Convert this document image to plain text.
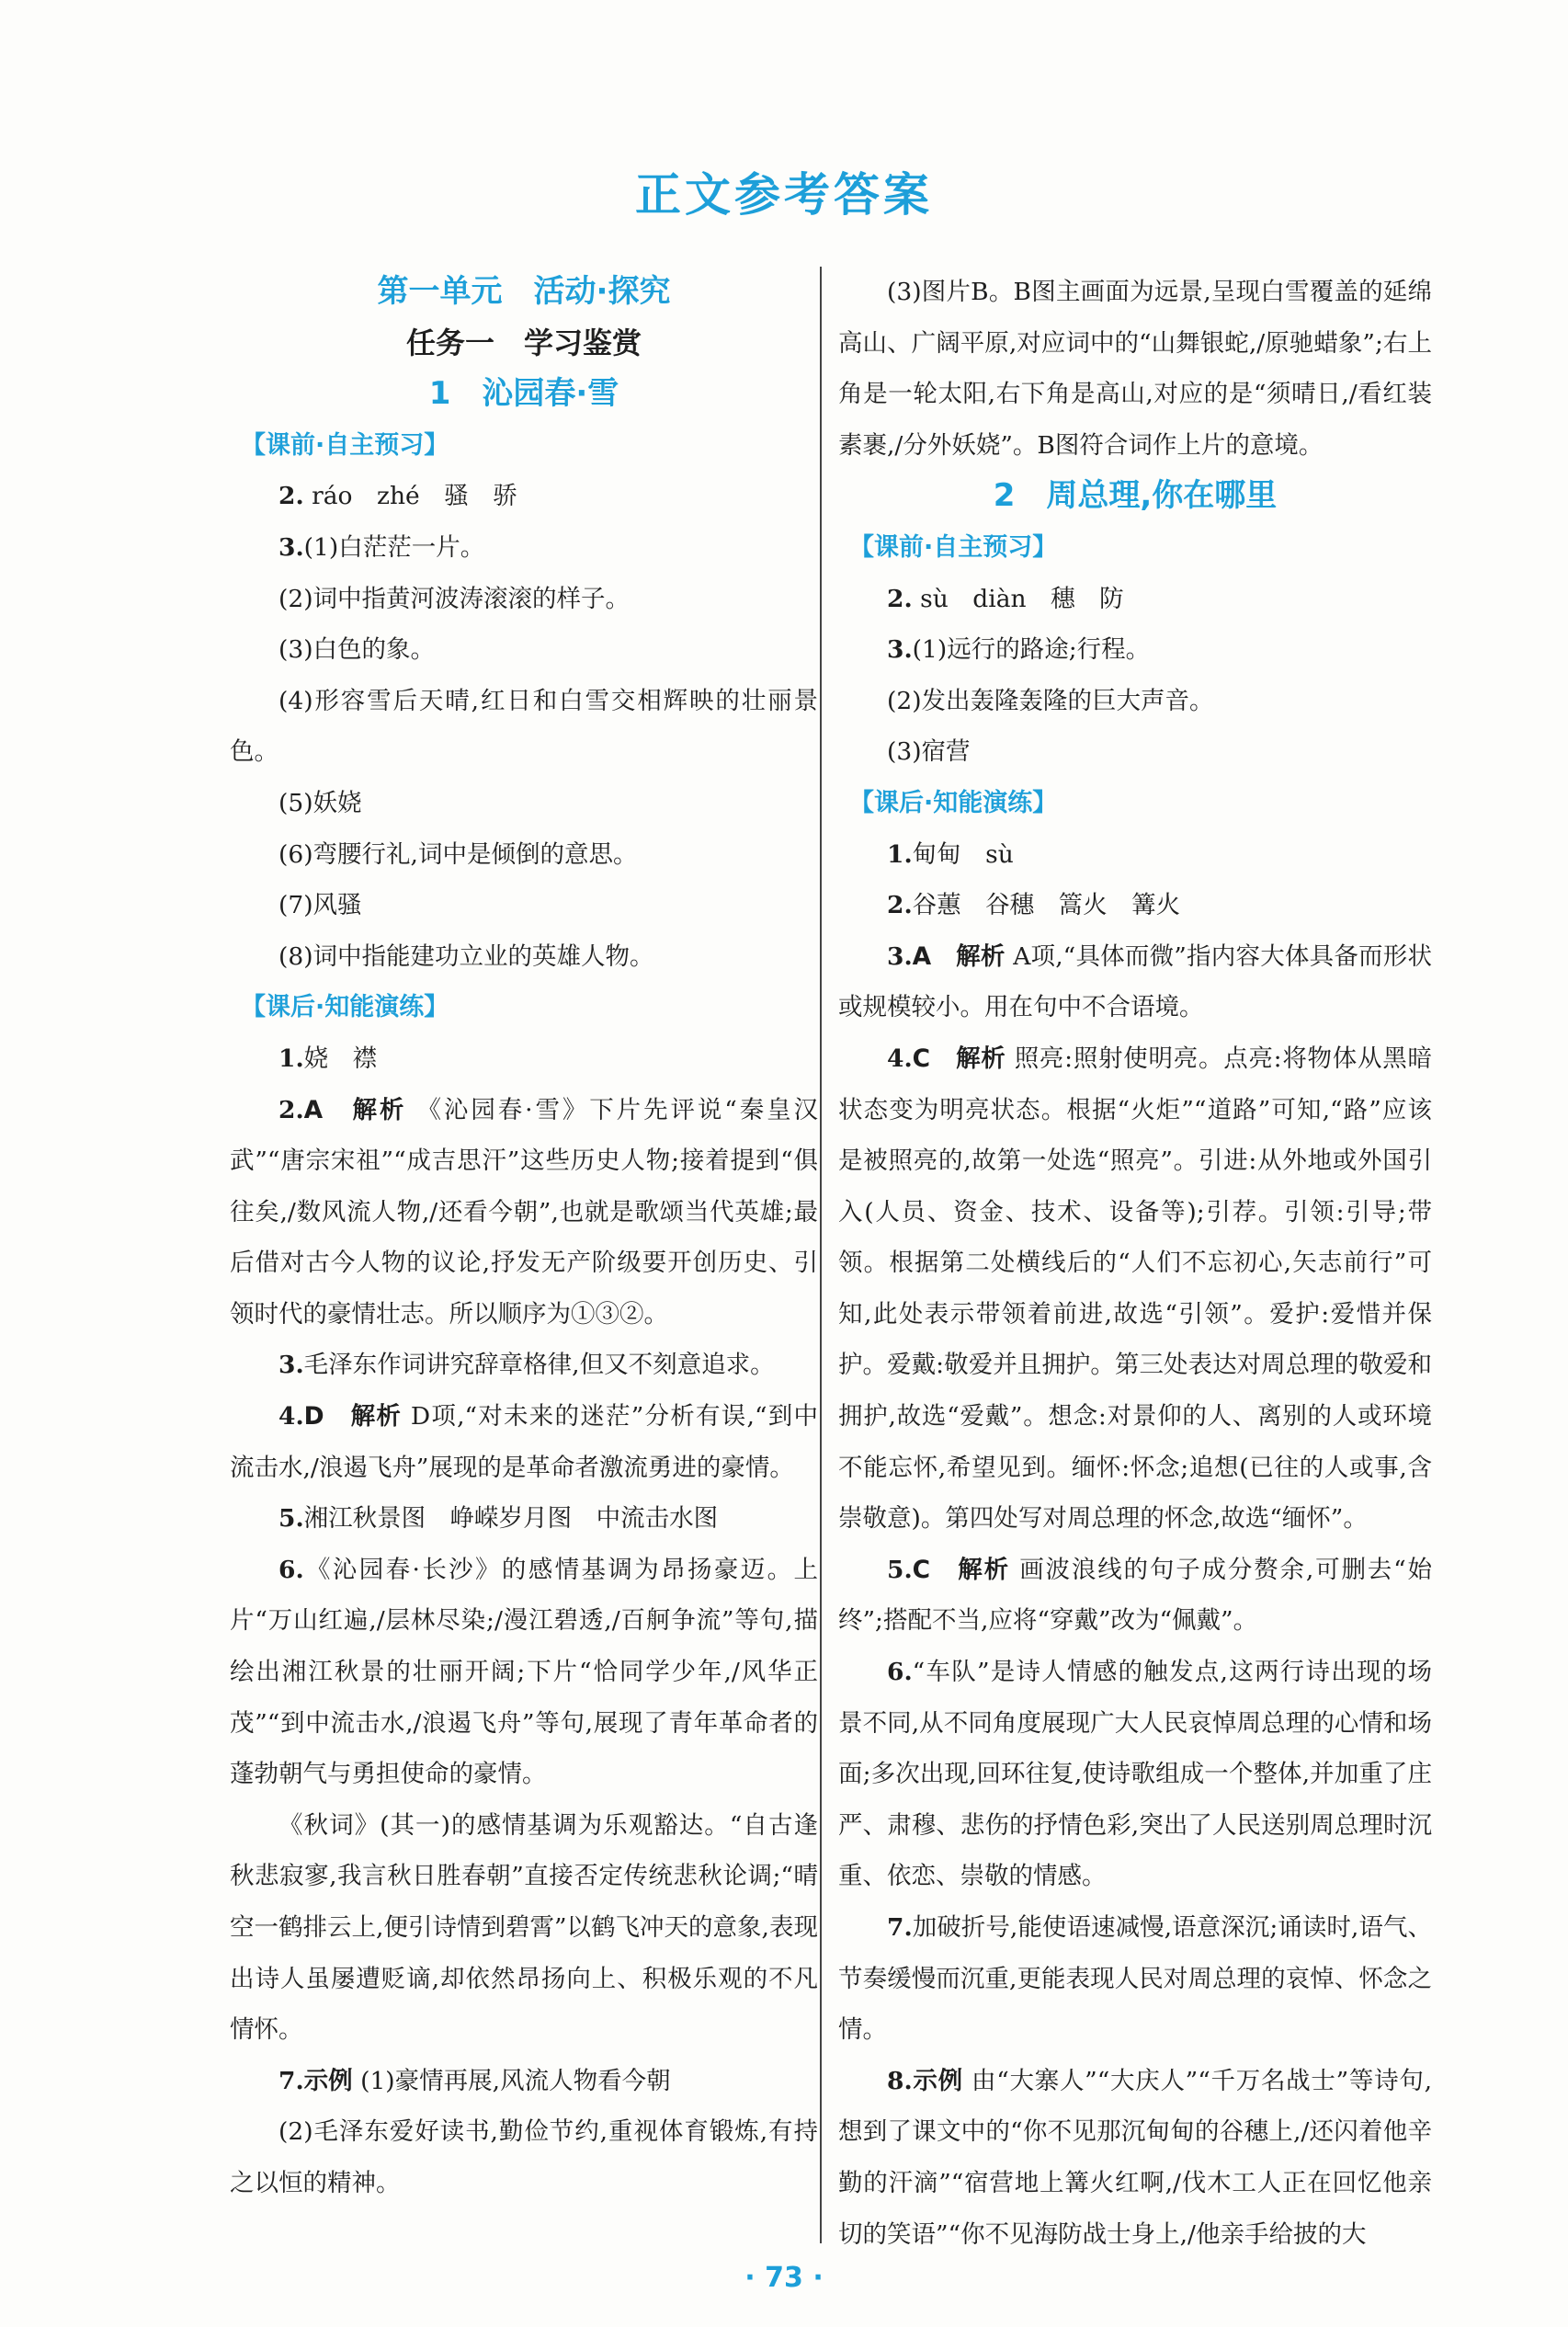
正文参考答案
第一单元　活动·探究
任务一　学习鉴赏
1　沁园春·雪
【课前·自主预习】
2. ráo　zhé　骚　骄
3.(1)白茫茫一片。
(2)词中指黄河波涛滚滚的样子。
(3)白色的象。
(4)形容雪后天晴,红日和白雪交相辉映的壮丽景色。
(5)妖娆
(6)弯腰行礼,词中是倾倒的意思。
(7)风骚
(8)词中指能建功立业的英雄人物。
【课后·知能演练】
1.娆　襟
2.A　解析 《沁园春·雪》下片先评说“秦皇汉武”“唐宗宋祖”“成吉思汗”这些历史人物;接着提到“俱往矣,/数风流人物,/还看今朝”,也就是歌颂当代英雄;最后借对古今人物的议论,抒发无产阶级要开创历史、引领时代的豪情壮志。所以顺序为①③②。
3.毛泽东作词讲究辞章格律,但又不刻意追求。
4.D　解析 D项,“对未来的迷茫”分析有误,“到中流击水,/浪遏飞舟”展现的是革命者激流勇进的豪情。
5.湘江秋景图　峥嵘岁月图　中流击水图
6.《沁园春·长沙》的感情基调为昂扬豪迈。上片“万山红遍,/层林尽染;/漫江碧透,/百舸争流”等句,描绘出湘江秋景的壮丽开阔;下片“恰同学少年,/风华正茂”“到中流击水,/浪遏飞舟”等句,展现了青年革命者的蓬勃朝气与勇担使命的豪情。
《秋词》(其一)的感情基调为乐观豁达。“自古逢秋悲寂寥,我言秋日胜春朝”直接否定传统悲秋论调;“晴空一鹤排云上,便引诗情到碧霄”以鹤飞冲天的意象,表现出诗人虽屡遭贬谪,却依然昂扬向上、积极乐观的不凡情怀。
7.示例 (1)豪情再展,风流人物看今朝
(2)毛泽东爱好读书,勤俭节约,重视体育锻炼,有持之以恒的精神。
(3)图片B。B图主画面为远景,呈现白雪覆盖的延绵高山、广阔平原,对应词中的“山舞银蛇,/原驰蜡象”;右上角是一轮太阳,右下角是高山,对应的是“须晴日,/看红装素裹,/分外妖娆”。B图符合词作上片的意境。
2　周总理,你在哪里
【课前·自主预习】
2. sù　diàn　穗　防
3.(1)远行的路途;行程。
(2)发出轰隆轰隆的巨大声音。
(3)宿营
【课后·知能演练】
1.甸甸　sù
2.谷蕙　谷穗　篙火　篝火
3.A　解析 A项,“具体而微”指内容大体具备而形状或规模较小。用在句中不合语境。
4.C　解析 照亮:照射使明亮。点亮:将物体从黑暗状态变为明亮状态。根据“火炬”“道路”可知,“路”应该是被照亮的,故第一处选“照亮”。引进:从外地或外国引入(人员、资金、技术、设备等);引荐。引领:引导;带领。根据第二处横线后的“人们不忘初心,矢志前行”可知,此处表示带领着前进,故选“引领”。爱护:爱惜并保护。爱戴:敬爱并且拥护。第三处表达对周总理的敬爱和拥护,故选“爱戴”。想念:对景仰的人、离别的人或环境不能忘怀,希望见到。缅怀:怀念;追想(已往的人或事,含崇敬意)。第四处写对周总理的怀念,故选“缅怀”。
5.C　解析 画波浪线的句子成分赘余,可删去“始终”;搭配不当,应将“穿戴”改为“佩戴”。
6.“车队”是诗人情感的触发点,这两行诗出现的场景不同,从不同角度展现广大人民哀悼周总理的心情和场面;多次出现,回环往复,使诗歌组成一个整体,并加重了庄严、肃穆、悲伤的抒情色彩,突出了人民送别周总理时沉重、依恋、崇敬的情感。
7.加破折号,能使语速减慢,语意深沉;诵读时,语气、节奏缓慢而沉重,更能表现人民对周总理的哀悼、怀念之情。
8.示例 由“大寨人”“大庆人”“千万名战士”等诗句,想到了课文中的“你不见那沉甸甸的谷穗上,/还闪着他辛勤的汗滴”“宿营地上篝火红啊,/伐木工人正在回忆他亲切的笑语”“你不见海防战士身上,/他亲手给披的大
· 73 ·
